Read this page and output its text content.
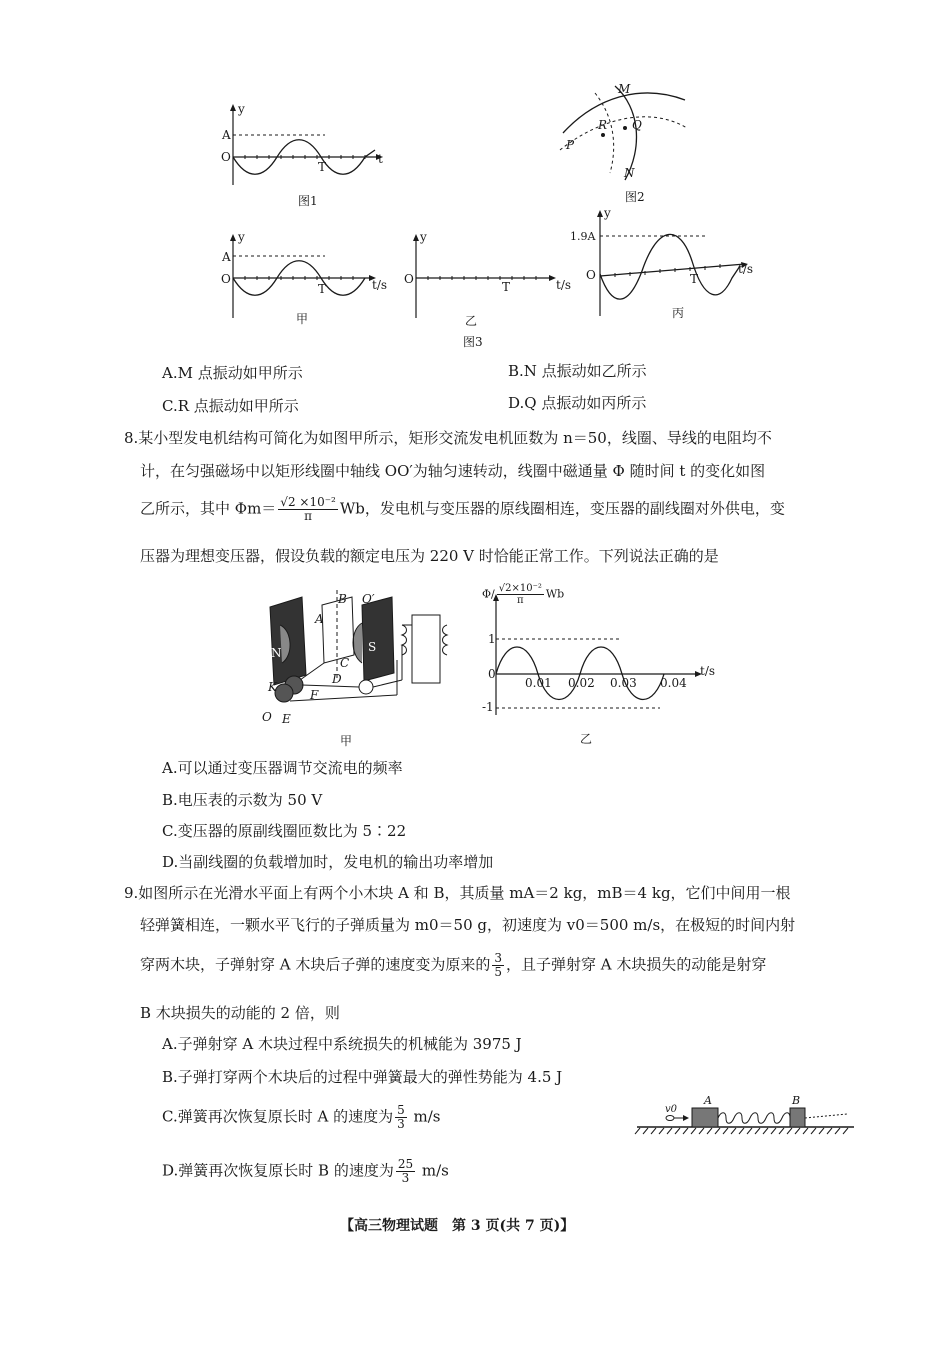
y
A
O
T
t
图1
M
R Q
P
N
图2
y
A
O
T	t/s
甲
y
O
T	t/s
乙
y
1.9A
O	T
t/s
丙
图3
A.M 点振动如甲所示	B.N 点振动如乙所示
C.R 点振动如甲所示	D.Q 点振动如丙所示
8.某小型发电机结构可简化为如图甲所示，矩形交流发电机匝数为 n＝50，线圈、导线的电阻均不
计，在匀强磁场中以矩形线圈中轴线 OO′为轴匀速转动，线圈中磁通量 Φ 随时间 t 的变化如图
乙所示，其中 $\Phi m= \frac{\text{√2 ×10⁻²}}{\pi}$ Wb，发电机与变压器的原线圈相连，变压器的副线圈对外供电，变
压器为理想变压器，假设负载的额定电压为 220 V 时恰能正常工作。下列说法正确的是
N	S
A
B
C
D
O′
K
F
O E
甲
$\Phi/ \frac{\text{√2×10⁻²}}{\pi}$ Wb
1
0
-1
0.01 0.02 0.03 0.04
t/s
乙
A.可以通过变压器调节交流电的频率
B.电压表的示数为 50 V
C.变压器的原副线圈匝数比为 5∶22
D.当副线圈的负载增加时，发电机的输出功率增加
9.如图所示在光滑水平面上有两个小木块 A 和 B，其质量 mA＝2 kg，mB＝4 kg，它们中间用一根
轻弹簧相连，一颗水平飞行的子弹质量为 m0＝50 g，初速度为 v0＝500 m/s，在极短的时间内射
穿两木块，子弹射穿 A 木块后子弹的速度变为原来的 $\frac{3}{5}$ ，且子弹射穿 A 木块损失的动能是射穿
B 木块损失的动能的 2 倍，则
A.子弹射穿 A 木块过程中系统损失的机械能为 3975 J
B.子弹打穿两个木块后的过程中弹簧最大的弹性势能为 4.5 J
C.弹簧再次恢复原长时 A 的速度为 $\frac{5}{3} m/s$
D.弹簧再次恢复原长时 B 的速度为 $\frac{25}{3} m/s$
v0
A	B
【高三物理试题　第 3 页(共 7 页)】
